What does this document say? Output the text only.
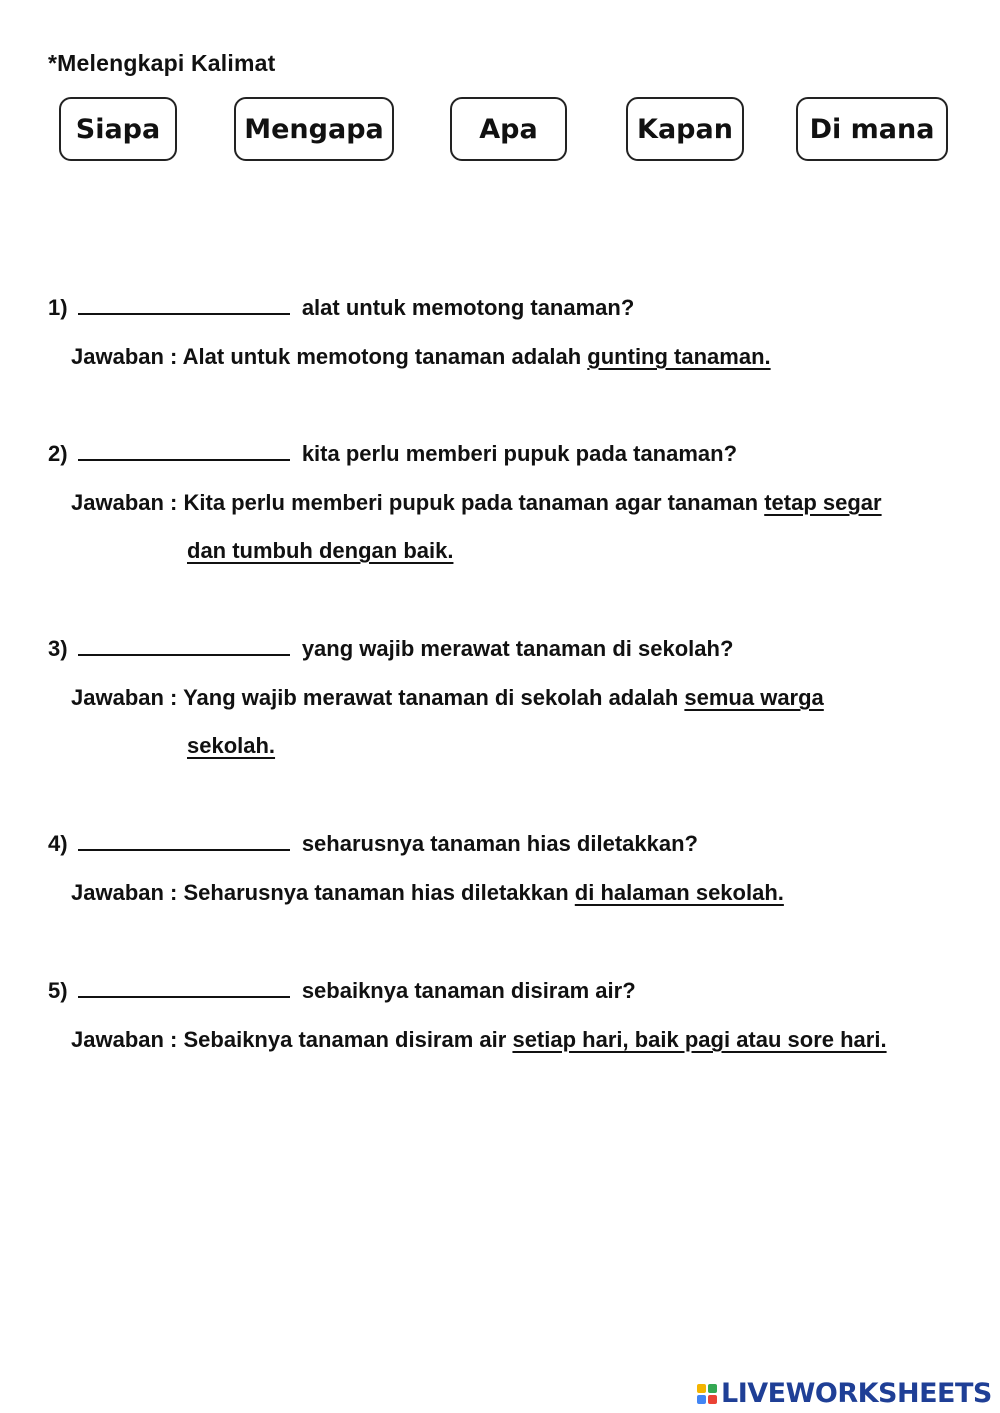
*Melengkapi Kalimat
Siapa	Mengapa	Apa	Kapan	Di mana
1)	alat untuk memotong tanaman?
Jawaban : Alat untuk memotong tanaman adalah gunting tanaman.
2)	kita perlu memberi pupuk pada tanaman?
Jawaban : Kita perlu memberi pupuk pada tanaman agar tanaman tetap segar
dan tumbuh dengan baik.
3)	yang wajib merawat tanaman di sekolah?
Jawaban : Yang wajib merawat tanaman di sekolah adalah semua warga
sekolah.
4)	seharusnya tanaman hias diletakkan?
Jawaban : Seharusnya tanaman hias diletakkan di halaman sekolah.
5)	sebaiknya tanaman disiram air?
Jawaban : Sebaiknya tanaman disiram air setiap hari, baik pagi atau sore hari.
LIVEWORKSHEETS
